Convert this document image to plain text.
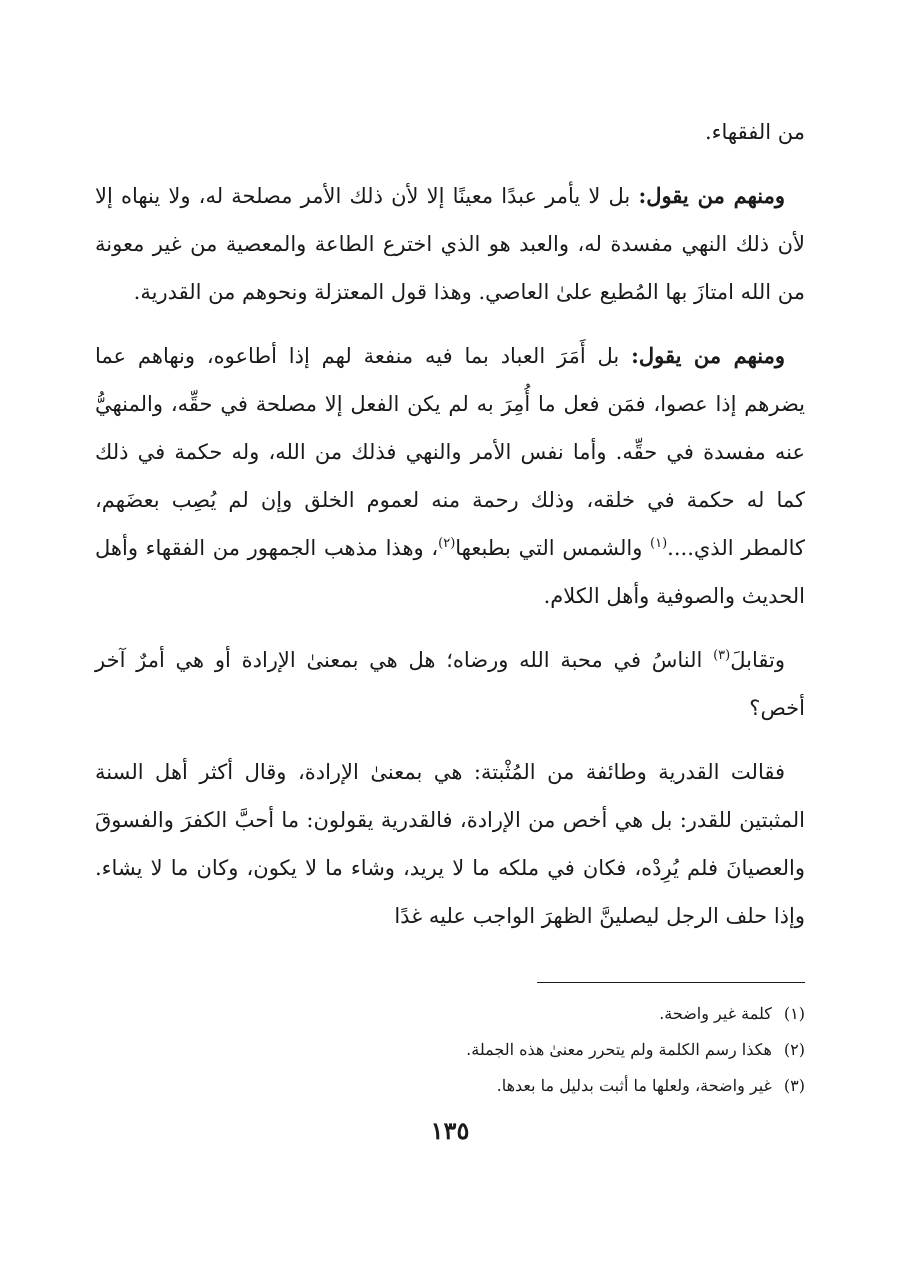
من الفقهاء.

ومنهم من يقول: بل لا يأمر عبدًا معينًا إلا لأن ذلك الأمر مصلحة له، ولا ينهاه إلا لأن ذلك النهي مفسدة له، والعبد هو الذي اخترع الطاعة والمعصية من غير معونة من الله امتازَ بها المُطيع علىٰ العاصي. وهذا قول المعتزلة ونحوهم من القدرية.

ومنهم من يقول: بل أَمَرَ العباد بما فيه منفعة لهم إذا أطاعوه، ونهاهم عما يضرهم إذا عصوا، فمَن فعل ما أُمِرَ به لم يكن الفعل إلا مصلحة في حقِّه، والمنهيُّ عنه مفسدة في حقِّه. وأما نفس الأمر والنهي فذلك من الله، وله حكمة في ذلك كما له حكمة في خلقه، وذلك رحمة منه لعموم الخلق وإن لم يُصِب بعضَهم، كالمطر الذي....$^{(١)}$ والشمس التي بطبعها$^{(٢)}$، وهذا مذهب الجمهور من الفقهاء وأهل الحديث والصوفية وأهل الكلام.

وتقابلَ$^{(٣)}$ الناسُ في محبة الله ورضاه؛ هل هي بمعنىٰ الإرادة أو هي أمرٌ آخر أخص؟

فقالت القدرية وطائفة من المُثْبتة: هي بمعنىٰ الإرادة، وقال أكثر أهل السنة المثبتين للقدر: بل هي أخص من الإرادة، فالقدرية يقولون: ما أحبَّ الكفرَ والفسوقَ والعصيانَ فلم يُرِدْه، فكان في ملكه ما لا يريد، وشاء ما لا يكون، وكان ما لا يشاء. وإذا حلف الرجل ليصلينَّ الظهرَ الواجب عليه غدًا

(١)كلمة غير واضحة.
(٢)هكذا رسم الكلمة ولم يتحرر معنىٰ هذه الجملة.
(٣)غير واضحة، ولعلها ما أثبت بدليل ما بعدها.
١٣٥
